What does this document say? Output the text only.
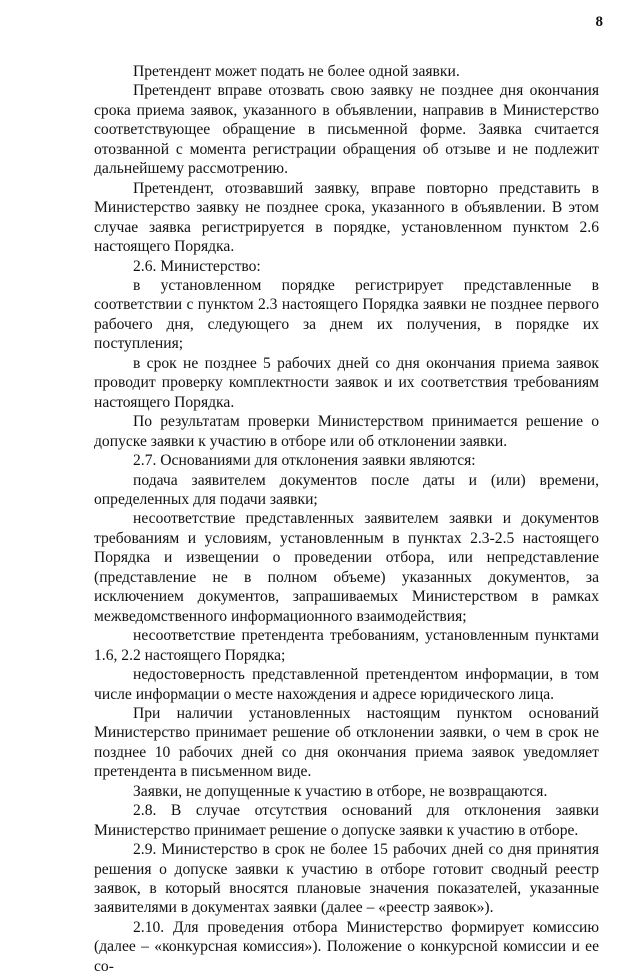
8

Претендент может подать не более одной заявки.

Претендент вправе отозвать свою заявку не позднее дня окончания срока приема заявок, указанного в объявлении, направив в Министерство соответствующее обращение в письменной форме. Заявка считается отозванной с момента регистрации обращения об отзыве и не подлежит дальнейшему рассмотрению.

Претендент, отозвавший заявку, вправе повторно представить в Министерство заявку не позднее срока, указанного в объявлении. В этом случае заявка регистрируется в порядке, установленном пунктом 2.6 настоящего Порядка.

2.6. Министерство:

в установленном порядке регистрирует представленные в соответствии с пунктом 2.3 настоящего Порядка заявки не позднее первого рабочего дня, следующего за днем их получения, в порядке их поступления;

в срок не позднее 5 рабочих дней со дня окончания приема заявок проводит проверку комплектности заявок и их соответствия требованиям настоящего Порядка.

По результатам проверки Министерством принимается решение о допуске заявки к участию в отборе или об отклонении заявки.

2.7. Основаниями для отклонения заявки являются:

подача заявителем документов после даты и (или) времени, определенных для подачи заявки;

несоответствие представленных заявителем заявки и документов требованиям и условиям, установленным в пунктах 2.3-2.5 настоящего Порядка и извещении о проведении отбора, или непредставление (представление не в полном объеме) указанных документов, за исключением документов, запрашиваемых Министерством в рамках межведомственного информационного взаимодействия;

несоответствие претендента требованиям, установленным пунктами 1.6, 2.2 настоящего Порядка;

недостоверность представленной претендентом информации, в том числе информации о месте нахождения и адресе юридического лица.

При наличии установленных настоящим пунктом оснований Министерство принимает решение об отклонении заявки, о чем в срок не позднее 10 рабочих дней со дня окончания приема заявок уведомляет претендента в письменном виде.

Заявки, не допущенные к участию в отборе, не возвращаются.

2.8. В случае отсутствия оснований для отклонения заявки Министерство принимает решение о допуске заявки к участию в отборе.

2.9. Министерство в срок не более 15 рабочих дней со дня принятия решения о допуске заявки к участию в отборе готовит сводный реестр заявок, в который вносятся плановые значения показателей, указанные заявителями в документах заявки (далее – «реестр заявок»).

2.10. Для проведения отбора Министерство формирует комиссию (далее – «конкурсная комиссия»). Положение о конкурсной комиссии и ее со-
